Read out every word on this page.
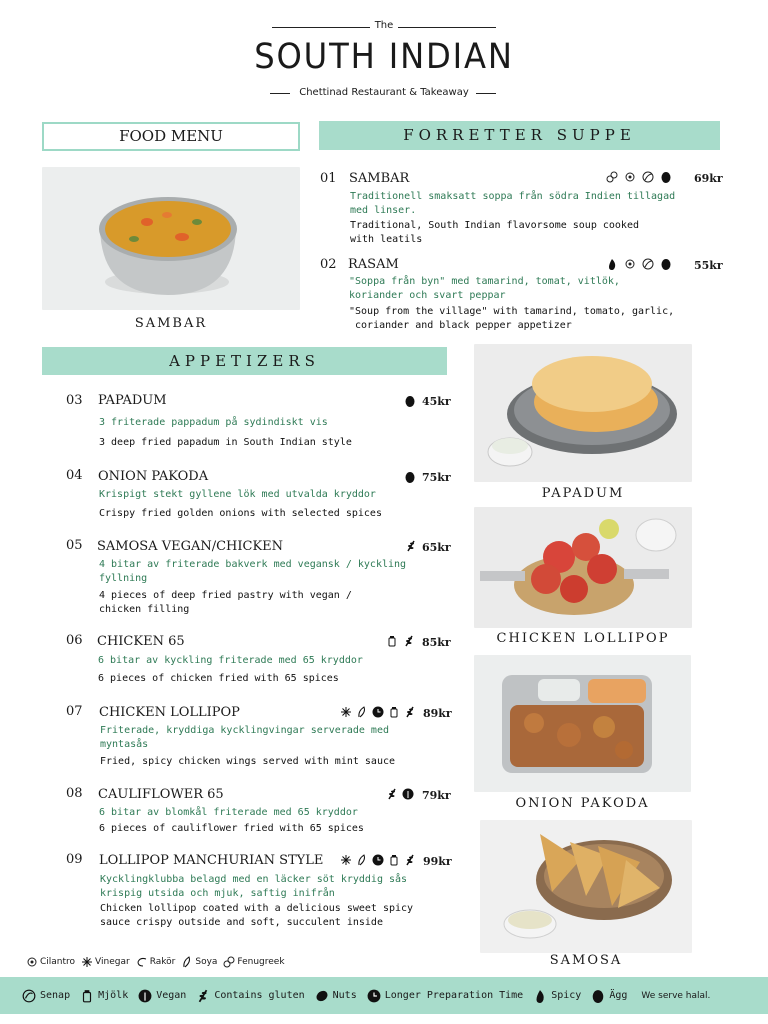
The
SOUTH INDIAN
Chettinad Restaurant & Takeaway
FOOD MENU	FORRETTER SUPPE
SAMBAR
01 SAMBAR	69kr
Traditionell smaksatt soppa från södra Indien tillagad
med linser.
Traditional, South Indian flavorsome soup cooked
with leatils
02 RASAM	55kr
"Soppa från byn" med tamarind, tomat, vitlök,
koriander och svart peppar
"Soup from the village" with tamarind, tomato, garlic,
coriander and black pepper appetizer
APPETIZERS
PAPADUM
CHICKEN LOLLIPOP
ONION PAKODA
SAMOSA
03 PAPADUM	45kr
3 friterade pappadum på sydindiskt vis
3 deep fried papadum in South Indian style
04 ONION PAKODA	75kr
Krispigt stekt gyllene lök med utvalda kryddor
Crispy fried golden onions with selected spices
05 SAMOSA VEGAN/CHICKEN	65kr
4 bitar av friterade bakverk med vegansk / kyckling
fyllning
4 pieces of deep fried pastry with vegan /
chicken filling
06 CHICKEN 65	85kr
6 bitar av kyckling friterade med 65 kryddor
6 pieces of chicken fried with 65 spices
07 CHICKEN LOLLIPOP	89kr
Friterade, kryddiga kycklingvingar serverade med
myntasås
Fried, spicy chicken wings served with mint sauce
08 CAULIFLOWER 65	79kr
6 bitar av blomkål friterade med 65 kryddor
6 pieces of cauliflower fried with 65 spices
09 LOLLIPOP MANCHURIAN STYLE	99kr
Kycklingklubba belagd med en läcker söt kryddig sås
krispig utsida och mjuk, saftig inifrån
Chicken lollipop coated with a delicious sweet spicy
sauce crispy outside and soft, succulent inside
Cilantro Vinegar Rakör Soya Fenugreek
Senap	Mjölk	Vegan	Contains gluten	Nuts	Longer Preparation Time	Spicy	Ägg We serve halal.
